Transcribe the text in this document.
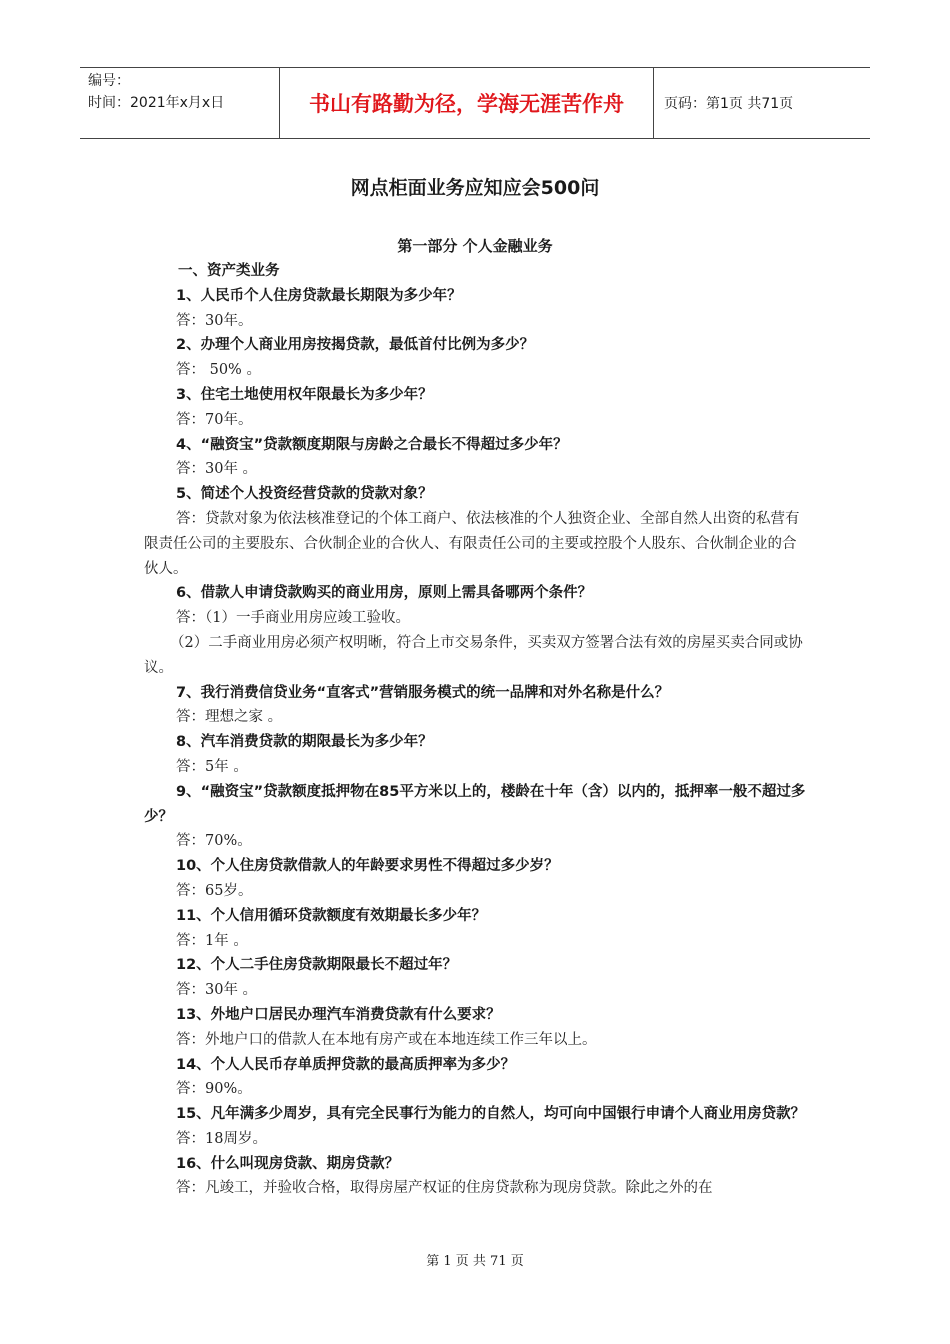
编号：
时间：2021年x月x日	书山有路勤为径，学海无涯苦作舟	页码：第1页 共71页
网点柜面业务应知应会500问
第一部分 个人金融业务

一、资产类业务

1、人民币个人住房贷款最长期限为多少年？

答：30年。

2、办理个人商业用房按揭贷款，最低首付比例为多少？

答： 50% 。

3、住宅土地使用权年限最长为多少年？

答：70年。

4、“融资宝”贷款额度期限与房龄之合最长不得超过多少年？

答：30年 。

5、简述个人投资经营贷款的贷款对象？

答：贷款对象为依法核准登记的个体工商户、依法核准的个人独资企业、全部自然人出资的私营有限责任公司的主要股东、合伙制企业的合伙人、有限责任公司的主要或控股个人股东、合伙制企业的合伙人。

6、借款人申请贷款购买的商业用房，原则上需具备哪两个条件？

答：（1）一手商业用房应竣工验收。

（2）二手商业用房必须产权明晰，符合上市交易条件，买卖双方签署合法有效的房屋买卖合同或协议。

7、我行消费信贷业务“直客式”营销服务模式的统一品牌和对外名称是什么？

答：理想之家 。

8、汽车消费贷款的期限最长为多少年？

答：5年 。

9、“融资宝”贷款额度抵押物在85平方米以上的，楼龄在十年（含）以内的，抵押率一般不超过多少？

答：70%。

10、个人住房贷款借款人的年龄要求男性不得超过多少岁？

答：65岁。

11、个人信用循环贷款额度有效期最长多少年？

答：1年 。

12、个人二手住房贷款期限最长不超过年？

答：30年 。

13、外地户口居民办理汽车消费贷款有什么要求？

答：外地户口的借款人在本地有房产或在本地连续工作三年以上。

14、个人人民币存单质押贷款的最高质押率为多少？

答：90%。

15、凡年满多少周岁，具有完全民事行为能力的自然人，均可向中国银行申请个人商业用房贷款？

答：18周岁。

16、什么叫现房贷款、期房贷款？

答：凡竣工，并验收合格，取得房屋产权证的住房贷款称为现房贷款。除此之外的在

第 1 页 共 71 页
